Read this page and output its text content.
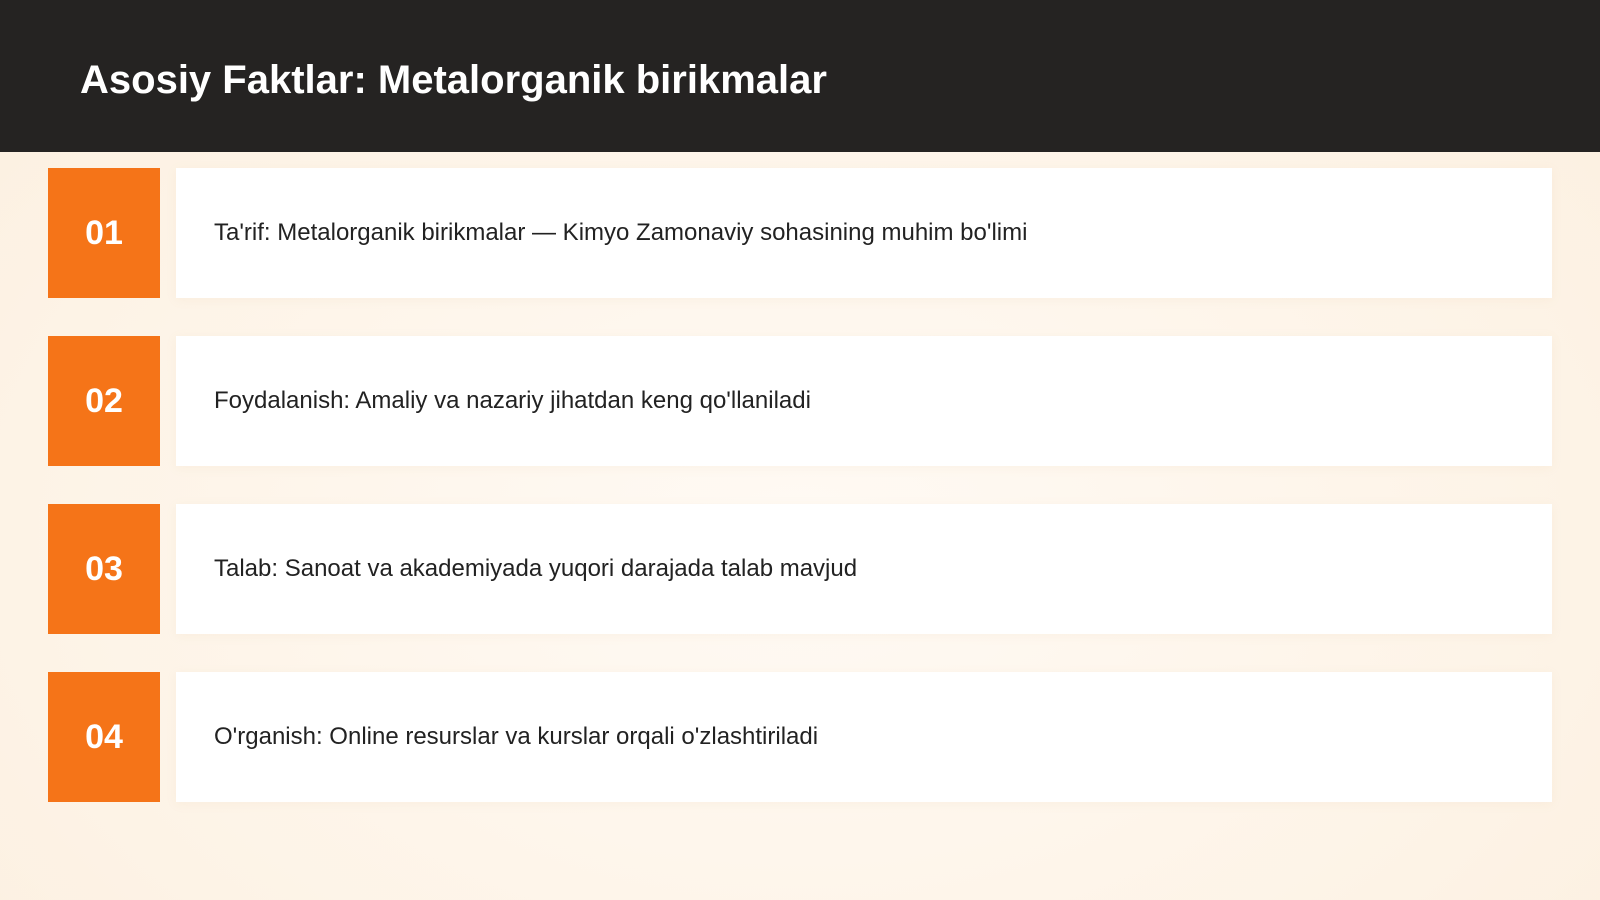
Asosiy Faktlar: Metalorganik birikmalar
01	Ta'rif: Metalorganik birikmalar — Kimyo Zamonaviy sohasining muhim bo'limi
02	Foydalanish: Amaliy va nazariy jihatdan keng qo'llaniladi
03	Talab: Sanoat va akademiyada yuqori darajada talab mavjud
04	O'rganish: Online resurslar va kurslar orqali o'zlashtiriladi
